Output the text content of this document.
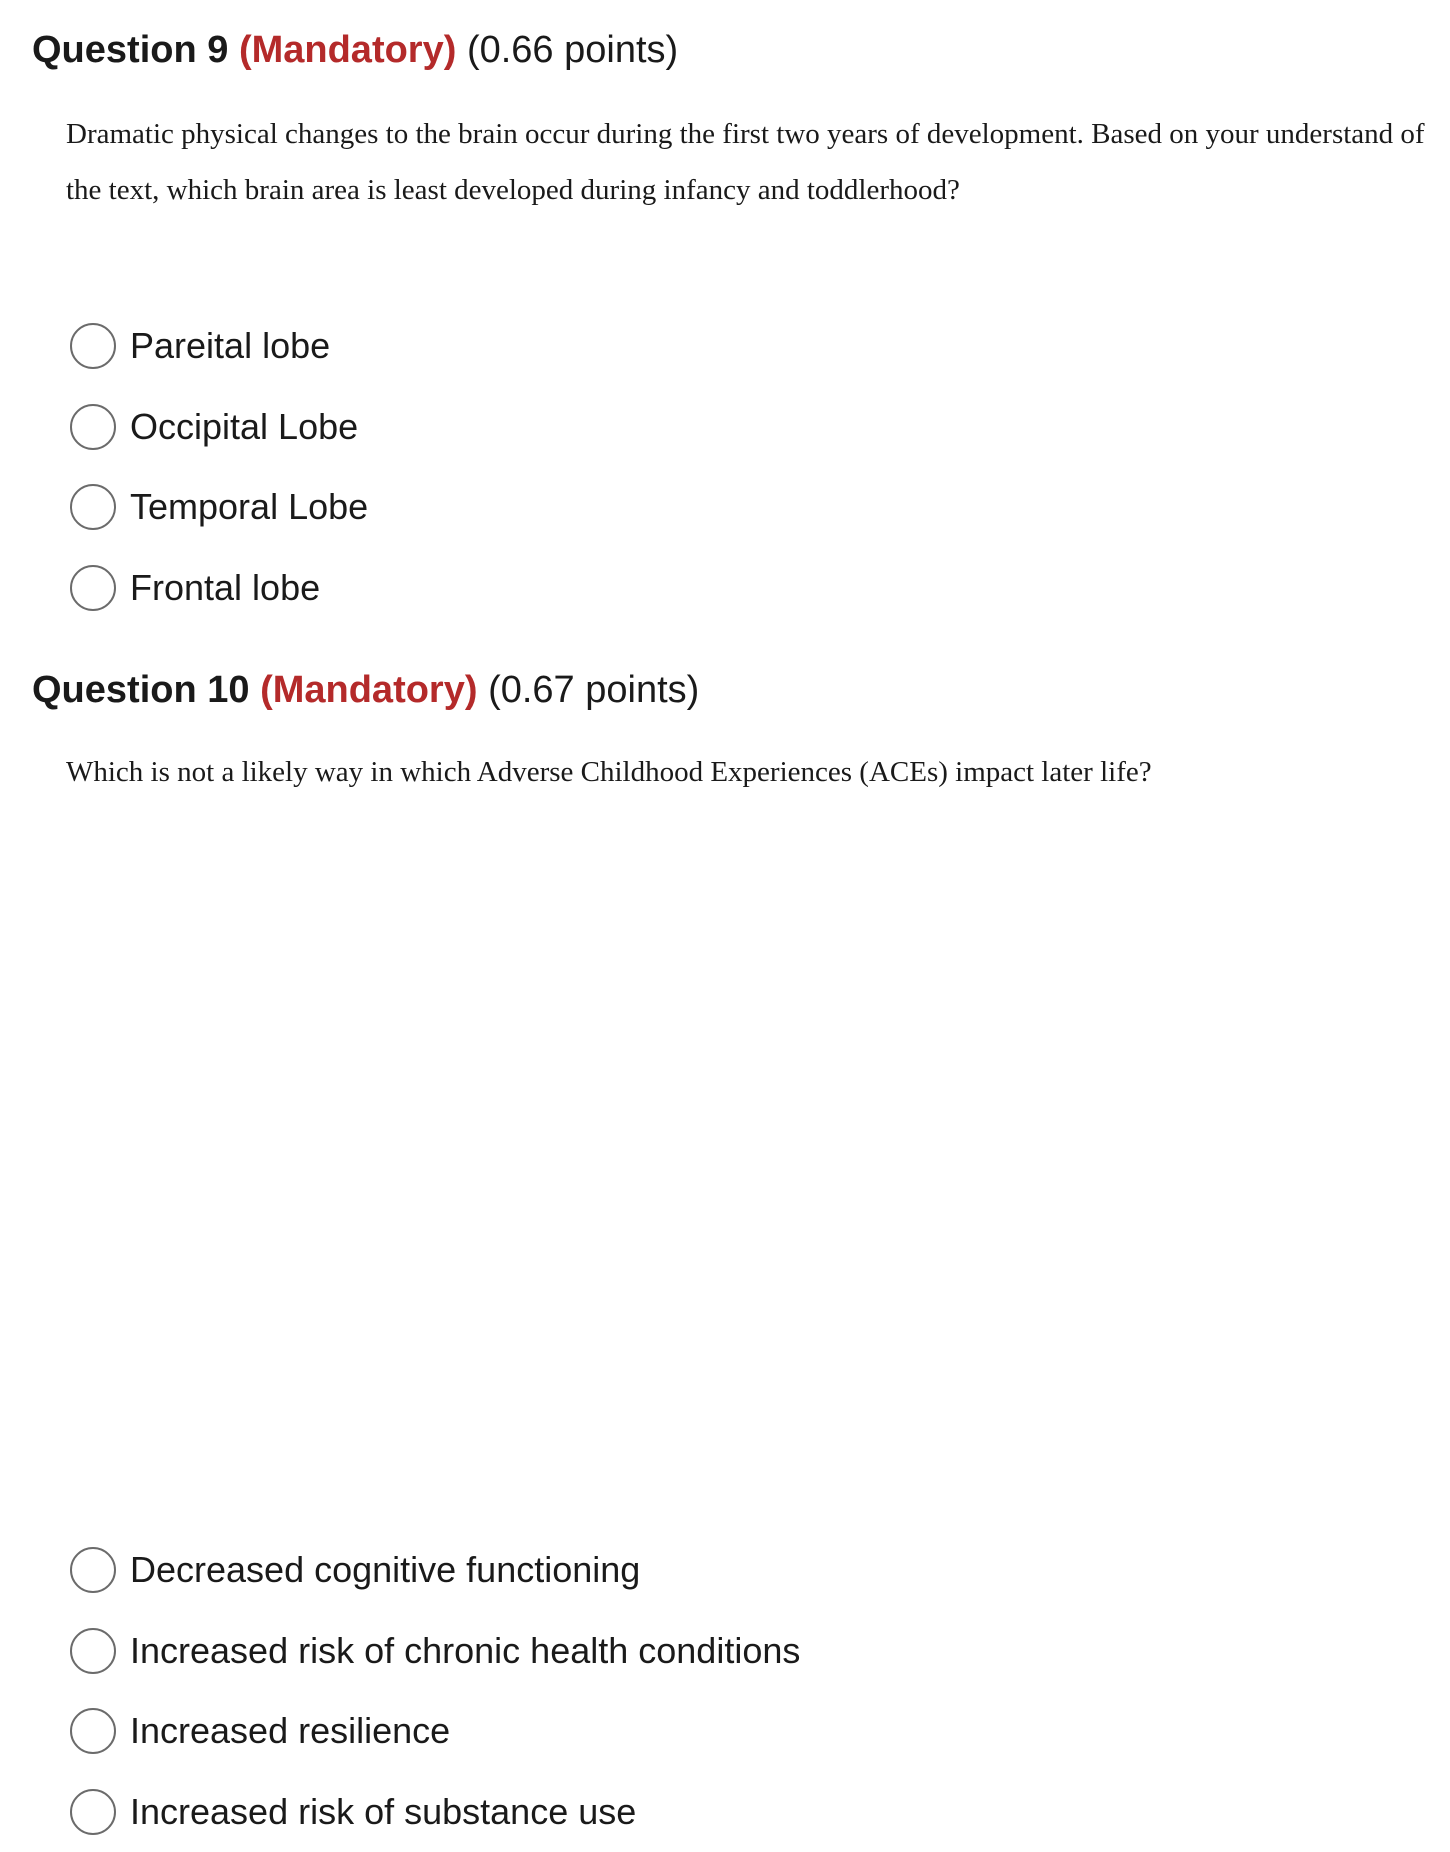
Question 9 (Mandatory) (0.66 points)

Dramatic physical changes to the brain occur during the first two years of development. Based on your understand of the text, which brain area is least developed during infancy and toddlerhood?

Pareital lobe
Occipital Lobe
Temporal Lobe
Frontal lobe
Question 10 (Mandatory) (0.67 points)

Which is not a likely way in which Adverse Childhood Experiences (ACEs) impact later life?

Decreased cognitive functioning
Increased risk of chronic health conditions
Increased resilience
Increased risk of substance use
